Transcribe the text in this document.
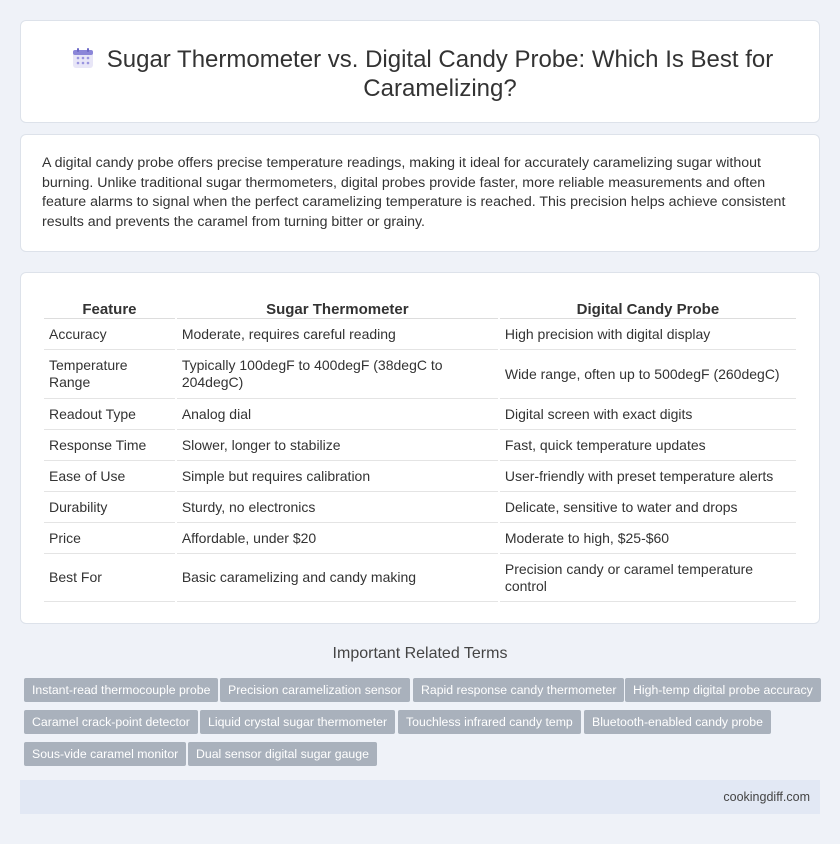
Sugar Thermometer vs. Digital Candy Probe: Which Is Best for Caramelizing?

A digital candy probe offers precise temperature readings, making it ideal for accurately caramelizing sugar without burning. Unlike traditional sugar thermometers, digital probes provide faster, more reliable measurements and often feature alarms to signal when the perfect caramelizing temperature is reached. This precision helps achieve consistent results and prevents the caramel from turning bitter or grainy.

Feature	Sugar Thermometer	Digital Candy Probe
Accuracy	Moderate, requires careful reading	High precision with digital display
Temperature Range	Typically 100degF to 400degF (38degC to 204degC)	Wide range, often up to 500degF (260degC)
Readout Type	Analog dial	Digital screen with exact digits
Response Time	Slower, longer to stabilize	Fast, quick temperature updates
Ease of Use	Simple but requires calibration	User-friendly with preset temperature alerts
Durability	Sturdy, no electronics	Delicate, sensitive to water and drops
Price	Affordable, under $20	Moderate to high, $25-$60
Best For	Basic caramelizing and candy making	Precision candy or caramel temperature control
Important Related Terms
Instant-read thermocouple probe	Precision caramelization sensor	Rapid response candy thermometer	High-temp digital probe accuracy
Caramel crack-point detector	Liquid crystal sugar thermometer	Touchless infrared candy temp	Bluetooth-enabled candy probe
Sous-vide caramel monitor	Dual sensor digital sugar gauge
cookingdiff.com
